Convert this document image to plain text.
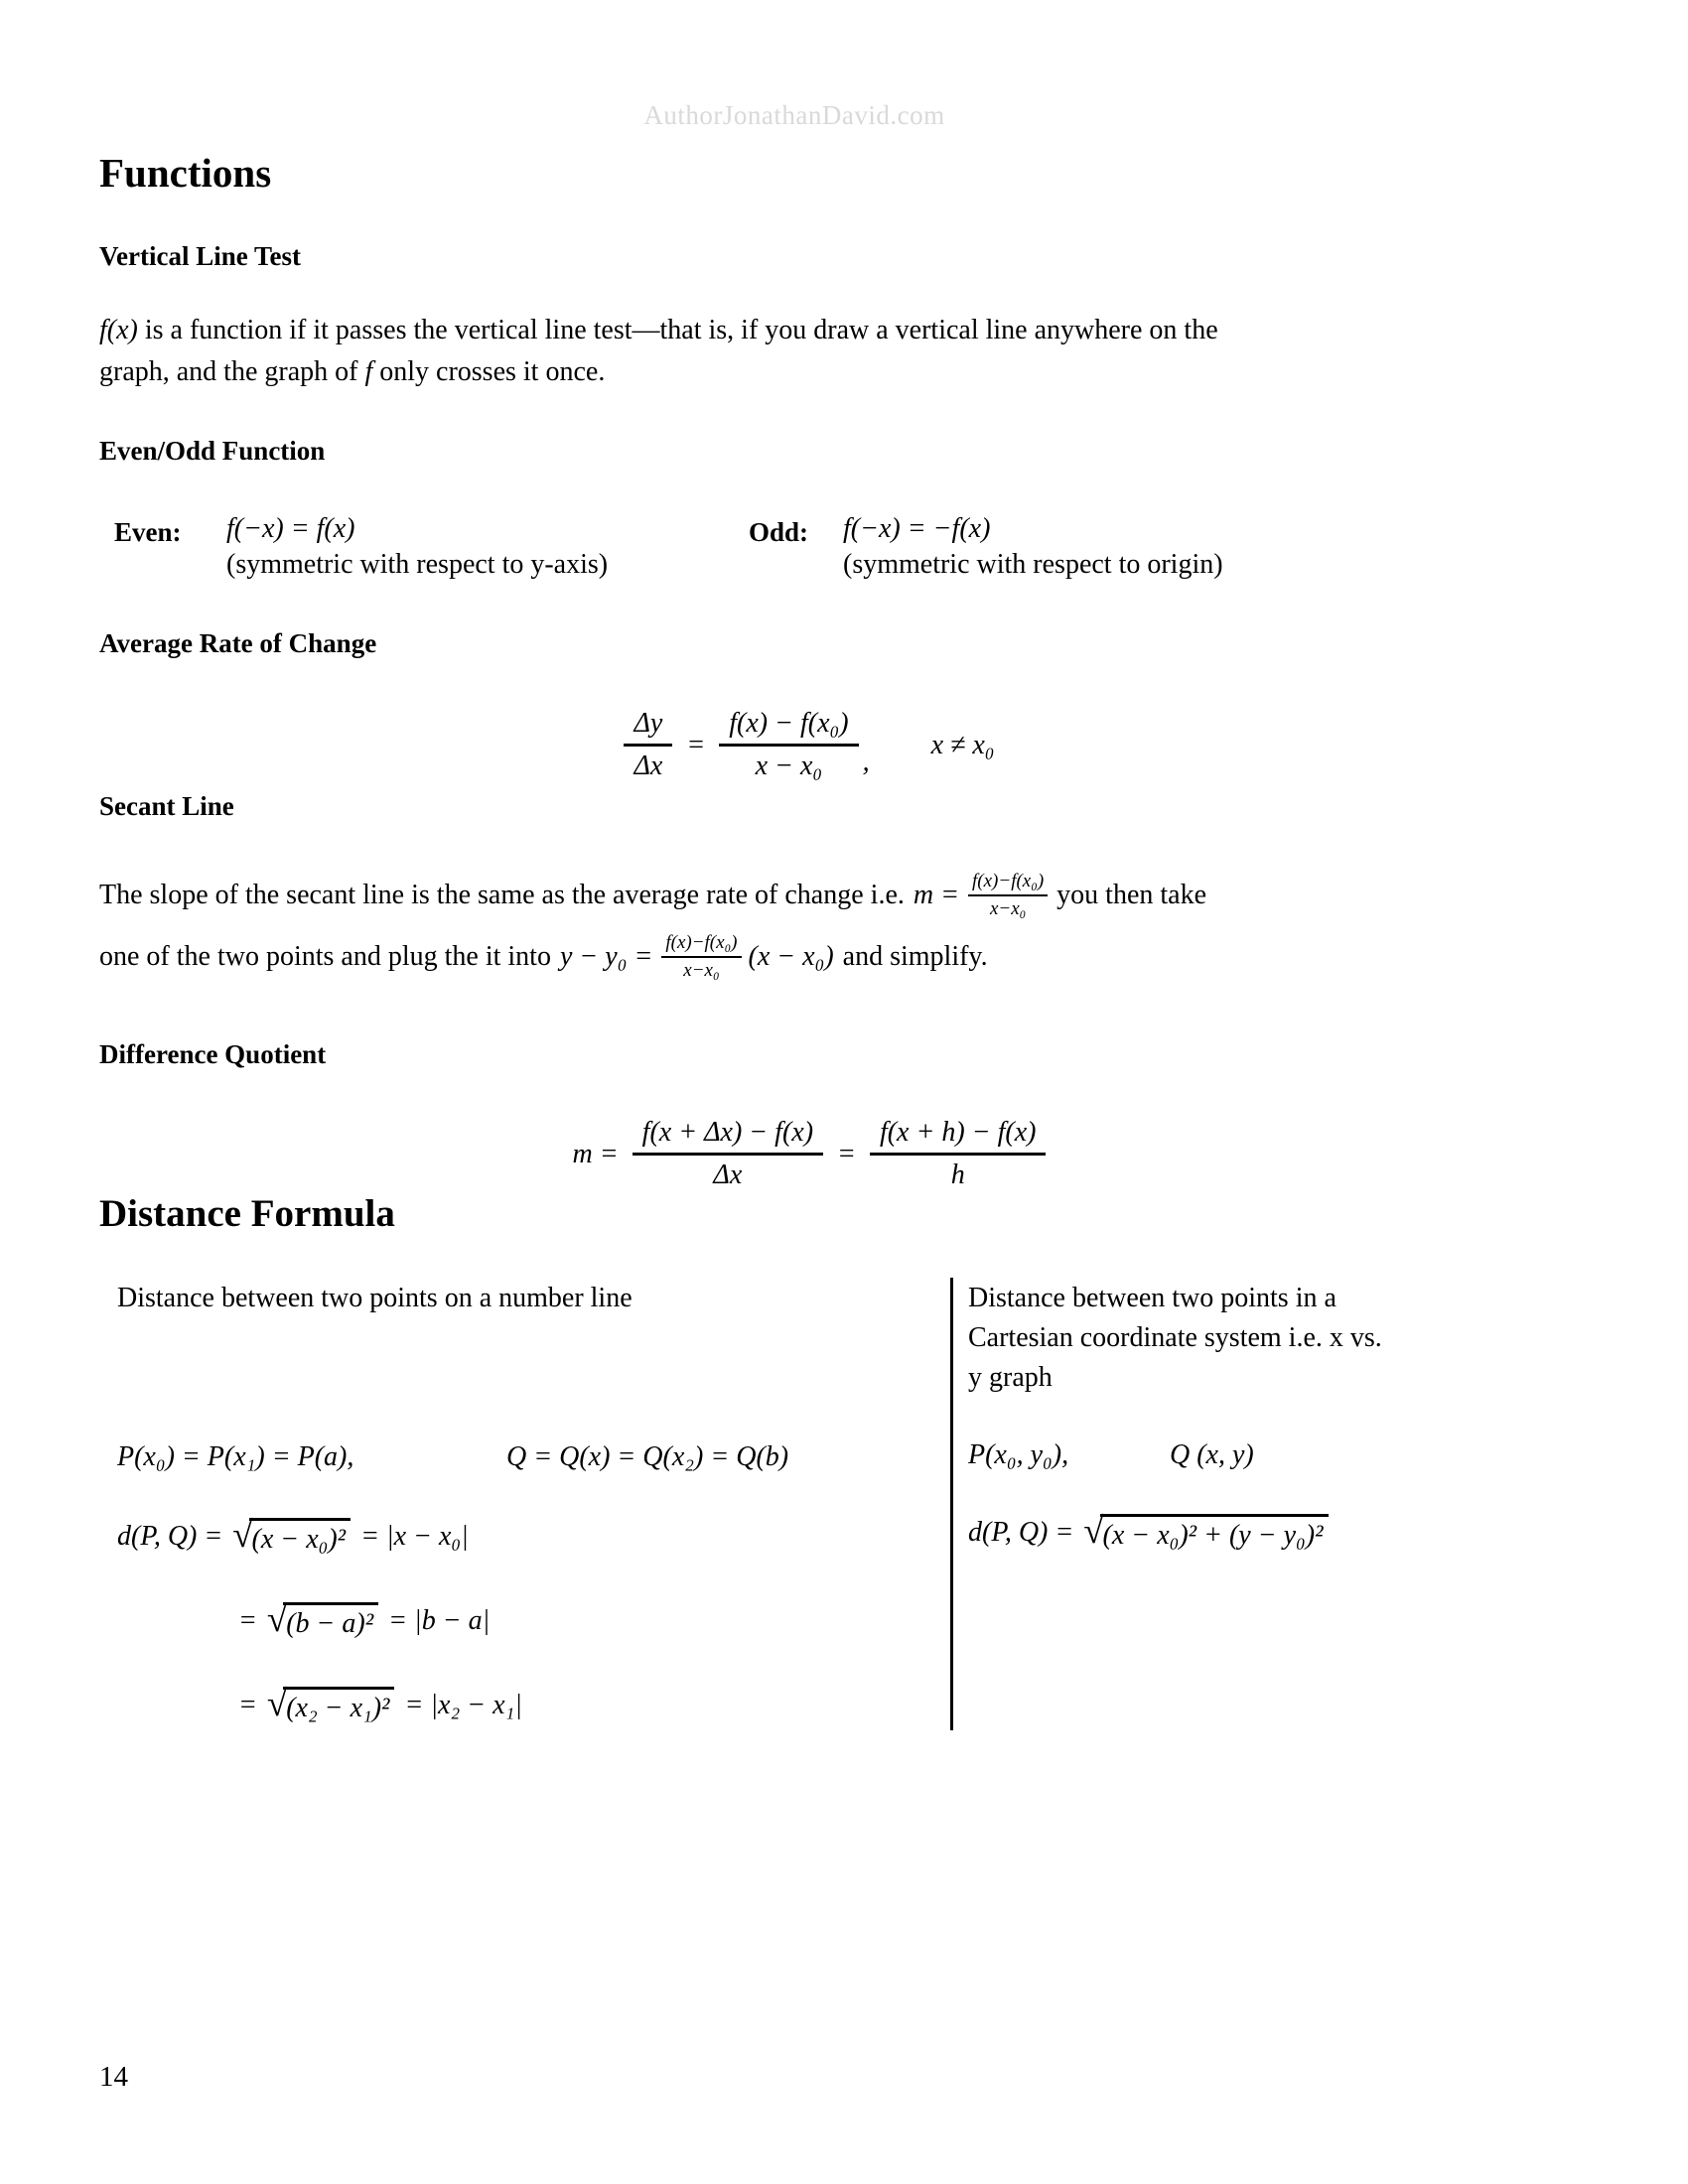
AuthorJonathanDavid.com
Functions
Vertical Line Test
f(x) is a function if it passes the vertical line test—that is, if you draw a vertical line anywhere on the
graph, and the graph of f only crosses it once.
Even/Odd Function
Even: f(−x) = f(x)
(symmetric with respect to y-axis)
Odd: f(−x) = −f(x)
(symmetric with respect to origin)
Average Rate of Change
$\frac{\Delta y}{\Delta x} = \frac{\text{f(x) − f(x₀)}}{\text{x − x₀}}$ ,
x ≠ x₀
Secant Line
The slope of the secant line is the same as the average rate of change i.e. $m = \frac{\text{f(x)−f(x₀)}}{\text{x−x₀}}$ you then take
one of the two points and plug the it into $y - y_0 = \frac{\text{f(x)−f(x₀)}}{\text{x−x₀}} (x - x_0)$ and simplify.
Difference Quotient
$m = \frac{f(x + \Delta x) - f(x)}{\Delta x} = \frac{f(x + h) - f(x)}{h}$
Distance Formula
Distance between two points on a number line	Distance between two points in a
Cartesian coordinate system i.e. x vs.
y graph
P(x₀) = P(x₁) = P(a),	Q = Q(x) = Q(x₂) = Q(b)
d(P, Q) = √ (x − x₀)² = |x − x₀|
= √ (b − a)² = |b − a|
= √ (x₂ − x₁)² = |x₂ − x₁|
P(x₀, y₀),	Q (x, y)
d(P, Q) = √ (x − x₀)² + (y − y₀)²
14
